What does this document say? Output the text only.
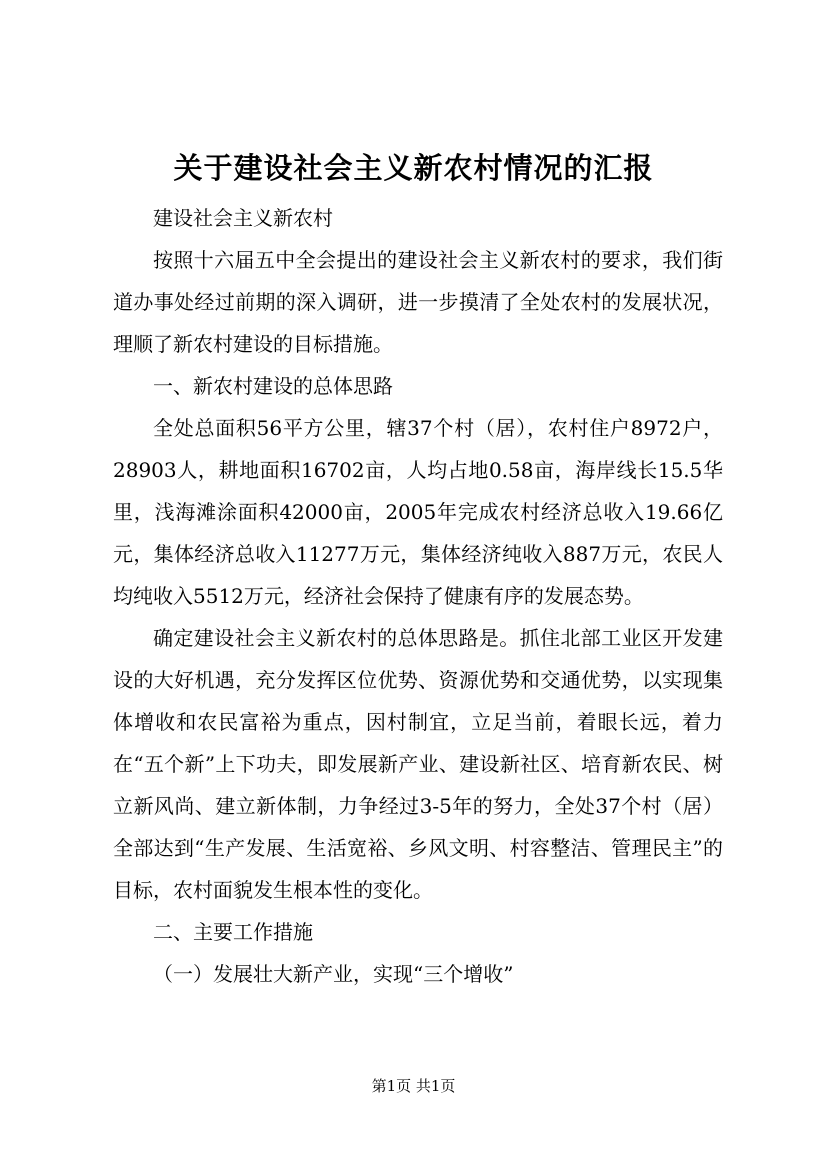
关于建设社会主义新农村情况的汇报

建设社会主义新农村

按照十六届五中全会提出的建设社会主义新农村的要求，我们街道办事处经过前期的深入调研，进一步摸清了全处农村的发展状况，理顺了新农村建设的目标措施。

一、新农村建设的总体思路

全处总面积56平方公里，辖37个村（居），农村住户8972户，28903人，耕地面积16702亩，人均占地0.58亩，海岸线长15.5华里，浅海滩涂面积42000亩，2005年完成农村经济总收入19.66亿元，集体经济总收入11277万元，集体经济纯收入887万元，农民人均纯收入5512万元，经济社会保持了健康有序的发展态势。

确定建设社会主义新农村的总体思路是。抓住北部工业区开发建设的大好机遇，充分发挥区位优势、资源优势和交通优势，以实现集体增收和农民富裕为重点，因村制宜，立足当前，着眼长远，着力在“五个新”上下功夫，即发展新产业、建设新社区、培育新农民、树立新风尚、建立新体制，力争经过3-5年的努力，全处37个村（居）全部达到“生产发展、生活宽裕、乡风文明、村容整洁、管理民主”的目标，农村面貌发生根本性的变化。

二、主要工作措施

（一）发展壮大新产业，实现“三个增收”

第1页 共1页
